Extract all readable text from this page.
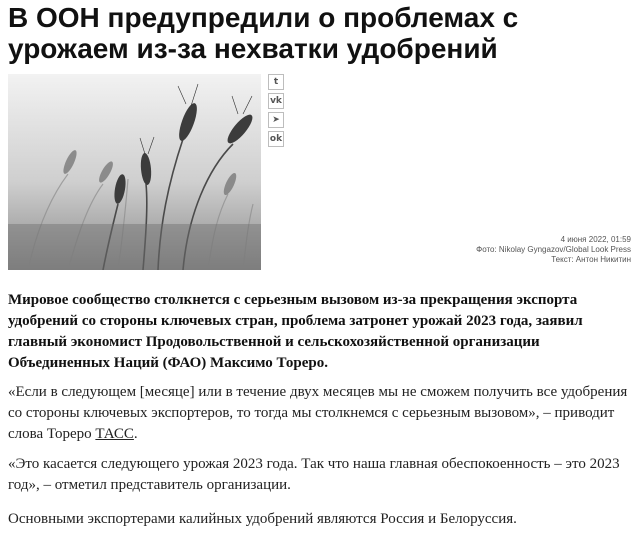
В ООН предупредили о проблемах с урожаем из-за нехватки удобрений
t
vk
➤
ok
4 июня 2022, 01:59
Фото: Nikolay Gyngazov/Global Look Press
Текст: Антон Никитин

Мировое сообщество столкнется с серьезным вызовом из-за прекращения экспорта удобрений со стороны ключевых стран, проблема затронет урожай 2023 года, заявил главный экономист Продовольственной и сельскохозяйственной организации Объединенных Наций (ФАО) Максимо Тореро.

«Если в следующем [месяце] или в течение двух месяцев мы не сможем получить все удобрения со стороны ключевых экспортеров, то тогда мы столкнемся с серьезным вызовом», – приводит слова Тореро ТАСС.

«Это касается следующего урожая 2023 года. Так что наша главная обеспокоенность – это 2023 год», – отметил представитель организации.

Основными экспортерами калийных удобрений являются Россия и Белоруссия.
